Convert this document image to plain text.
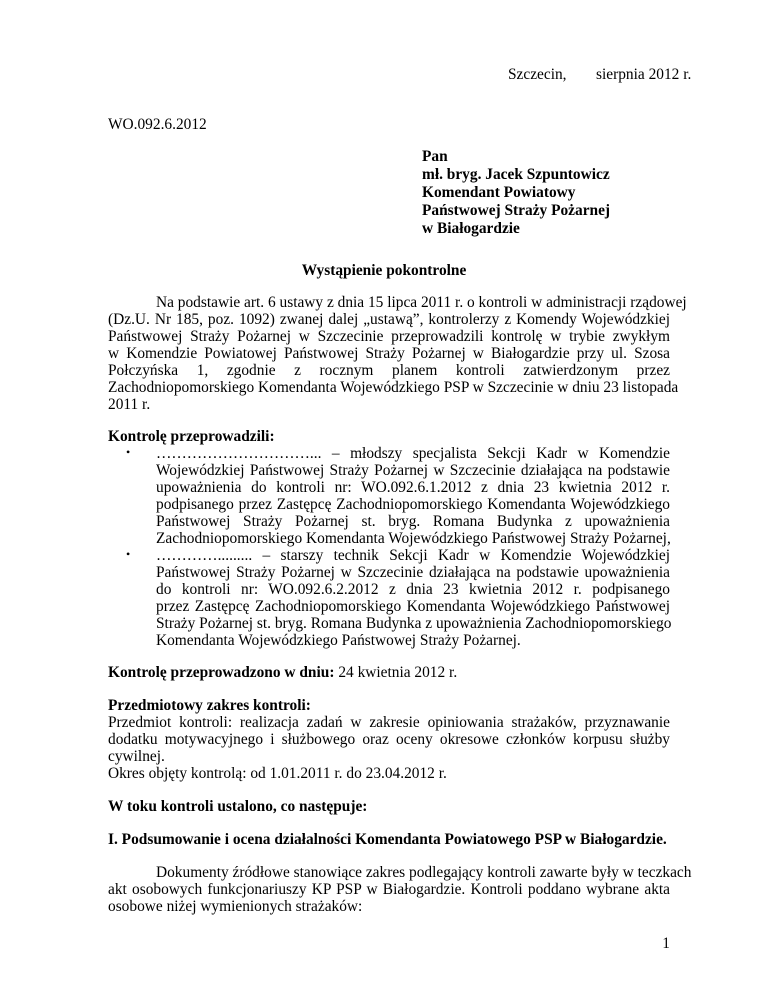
Szczecin, sierpnia 2012 r.
WO.092.6.2012
Pan
mł. bryg. Jacek Szpuntowicz
Komendant Powiatowy
Państwowej Straży Pożarnej
w Białogardzie
Wystąpienie pokontrolne
Na podstawie art. 6 ustawy z dnia 15 lipca 2011 r. o kontroli w administracji rządowej
(Dz.U. Nr 185, poz. 1092) zwanej dalej „ustawą”, kontrolerzy z Komendy Wojewódzkiej
Państwowej Straży Pożarnej w Szczecinie przeprowadzili kontrolę w trybie zwykłym
w Komendzie Powiatowej Państwowej Straży Pożarnej w Białogardzie przy ul. Szosa
Połczyńska 1, zgodnie z rocznym planem kontroli zatwierdzonym przez
Zachodniopomorskiego Komendanta Wojewódzkiego PSP w Szczecinie w dniu 23 listopada
2011 r.
Kontrolę przeprowadzili:
• …………………………... – młodszy specjalista Sekcji Kadr w Komendzie
Wojewódzkiej Państwowej Straży Pożarnej w Szczecinie działająca na podstawie
upoważnienia do kontroli nr: WO.092.6.1.2012 z dnia 23 kwietnia 2012 r.
podpisanego przez Zastępcę Zachodniopomorskiego Komendanta Wojewódzkiego
Państwowej Straży Pożarnej st. bryg. Romana Budynka z upoważnienia
Zachodniopomorskiego Komendanta Wojewódzkiego Państwowej Straży Pożarnej,
• …………......... – starszy technik Sekcji Kadr w Komendzie Wojewódzkiej
Państwowej Straży Pożarnej w Szczecinie działająca na podstawie upoważnienia
do kontroli nr: WO.092.6.2.2012 z dnia 23 kwietnia 2012 r. podpisanego
przez Zastępcę Zachodniopomorskiego Komendanta Wojewódzkiego Państwowej
Straży Pożarnej st. bryg. Romana Budynka z upoważnienia Zachodniopomorskiego
Komendanta Wojewódzkiego Państwowej Straży Pożarnej.
Kontrolę przeprowadzono w dniu: 24 kwietnia 2012 r.
Przedmiotowy zakres kontroli:
Przedmiot kontroli: realizacja zadań w zakresie opiniowania strażaków, przyznawanie
dodatku motywacyjnego i służbowego oraz oceny okresowe członków korpusu służby
cywilnej.
Okres objęty kontrolą: od 1.01.2011 r. do 23.04.2012 r.
W toku kontroli ustalono, co następuje:
I. Podsumowanie i ocena działalności Komendanta Powiatowego PSP w Białogardzie.
Dokumenty źródłowe stanowiące zakres podlegający kontroli zawarte były w teczkach
akt osobowych funkcjonariuszy KP PSP w Białogardzie. Kontroli poddano wybrane akta
osobowe niżej wymienionych strażaków:
1
